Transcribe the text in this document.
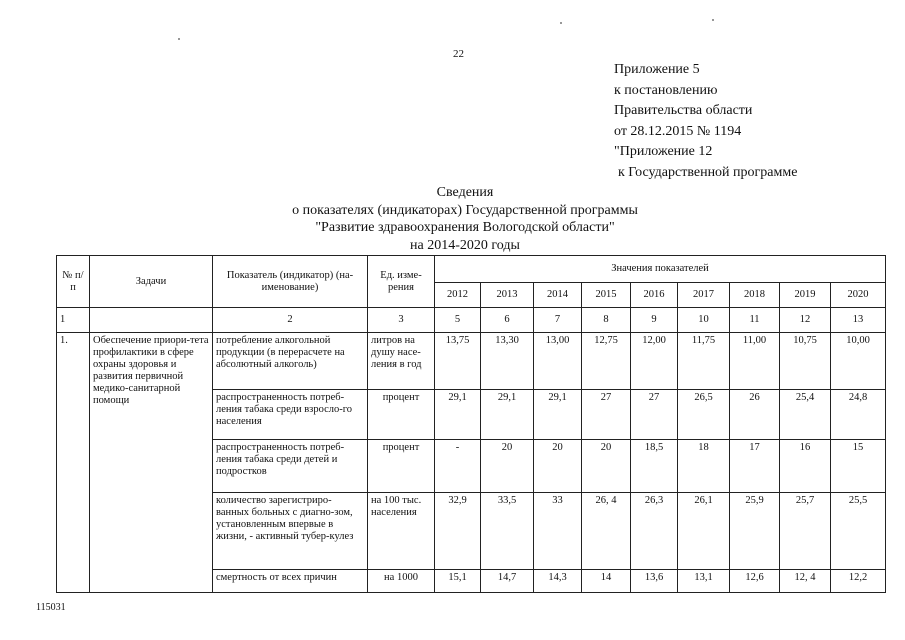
22
Приложение 5
к постановлению
Правительства области
от 28.12.2015 № 1194
"Приложение 12
к Государственной программе
Сведения
о показателях (индикаторах) Государственной программы
"Развитие здравоохранения Вологодской области"
на 2014-2020 годы
№ п/п	Задачи	Показатель (индикатор) (на-именование)	Ед. изме-рения	Значения показателей								
				2012	2013	2014	2015	2016	2017	2018	2019	2020
1		2	3	5	6	7	8	9	10	11	12	13
1.	Обеспечение приори-тета профилактики в сфере охраны здоровья и развития первичной медико-санитарной помощи	потребление алкогольной продукции (в перерасчете на абсолютный алкоголь)	литров на душу насе-ления в год	13,75	13,30	13,00	12,75	12,00	11,75	11,00	10,75	10,00
		распространенность потреб-ления табака среди взросло-го населения	процент	29,1	29,1	29,1	27	27	26,5	26	25,4	24,8
		распространенность потреб-ления табака среди детей и подростков	процент	-	20	20	20	18,5	18	17	16	15
		количество зарегистриро-ванных больных с диагно-зом, установленным впервые в жизни, - активный тубер-кулез	на 100 тыс. населения	32,9	33,5	33	26, 4	26,3	26,1	25,9	25,7	25,5
		смертность от всех причин	на 1000	15,1	14,7	14,3	14	13,6	13,1	12,6	12, 4	12,2
115031
